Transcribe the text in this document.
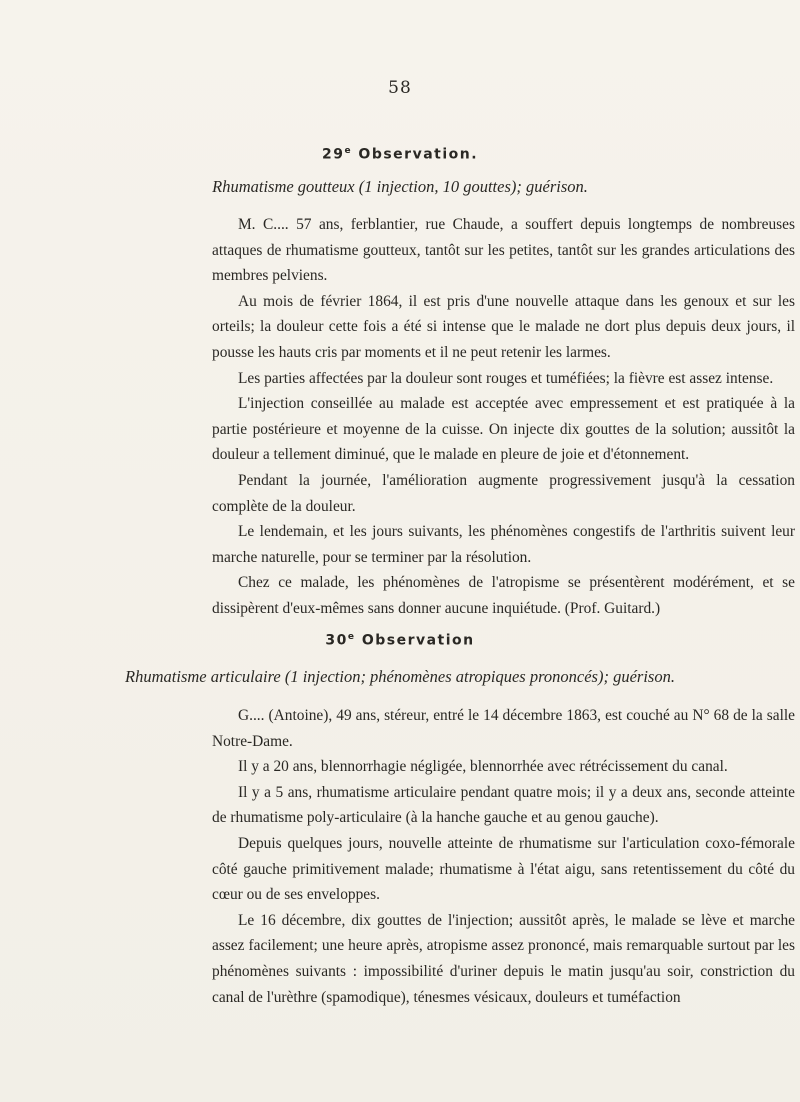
58
29e Observation.
Rhumatisme goutteux (1 injection, 10 gouttes); guérison.

M. C.... 57 ans, ferblantier, rue Chaude, a souffert depuis longtemps de nombreuses attaques de rhumatisme goutteux, tantôt sur les petites, tantôt sur les grandes articulations des membres pelviens.

Au mois de février 1864, il est pris d'une nouvelle attaque dans les genoux et sur les orteils; la douleur cette fois a été si intense que le malade ne dort plus depuis deux jours, il pousse les hauts cris par moments et il ne peut retenir les larmes.

Les parties affectées par la douleur sont rouges et tuméfiées; la fièvre est assez intense.

L'injection conseillée au malade est acceptée avec empressement et est pratiquée à la partie postérieure et moyenne de la cuisse. On injecte dix gouttes de la solution; aussitôt la douleur a tellement diminué, que le malade en pleure de joie et d'étonnement.

Pendant la journée, l'amélioration augmente progressivement jusqu'à la cessation complète de la douleur.

Le lendemain, et les jours suivants, les phénomènes congestifs de l'arthritis suivent leur marche naturelle, pour se terminer par la résolution.

Chez ce malade, les phénomènes de l'atropisme se présentèrent modérément, et se dissipèrent d'eux-mêmes sans donner aucune inquiétude. (Prof. Guitard.)

30e Observation
Rhumatisme articulaire (1 injection; phénomènes atropiques prononcés); guérison.

G.... (Antoine), 49 ans, stéreur, entré le 14 décembre 1863, est couché au N° 68 de la salle Notre-Dame.

Il y a 20 ans, blennorrhagie négligée, blennorrhée avec rétrécissement du canal.

Il y a 5 ans, rhumatisme articulaire pendant quatre mois; il y a deux ans, seconde atteinte de rhumatisme poly-articulaire (à la hanche gauche et au genou gauche).

Depuis quelques jours, nouvelle atteinte de rhumatisme sur l'articulation coxo-fémorale côté gauche primitivement malade; rhumatisme à l'état aigu, sans retentissement du côté du cœur ou de ses enveloppes.

Le 16 décembre, dix gouttes de l'injection; aussitôt après, le malade se lève et marche assez facilement; une heure après, atropisme assez prononcé, mais remarquable surtout par les phénomènes suivants : impossibilité d'uriner depuis le matin jusqu'au soir, constriction du canal de l'urèthre (spamodique), ténesmes vésicaux, douleurs et tuméfaction
